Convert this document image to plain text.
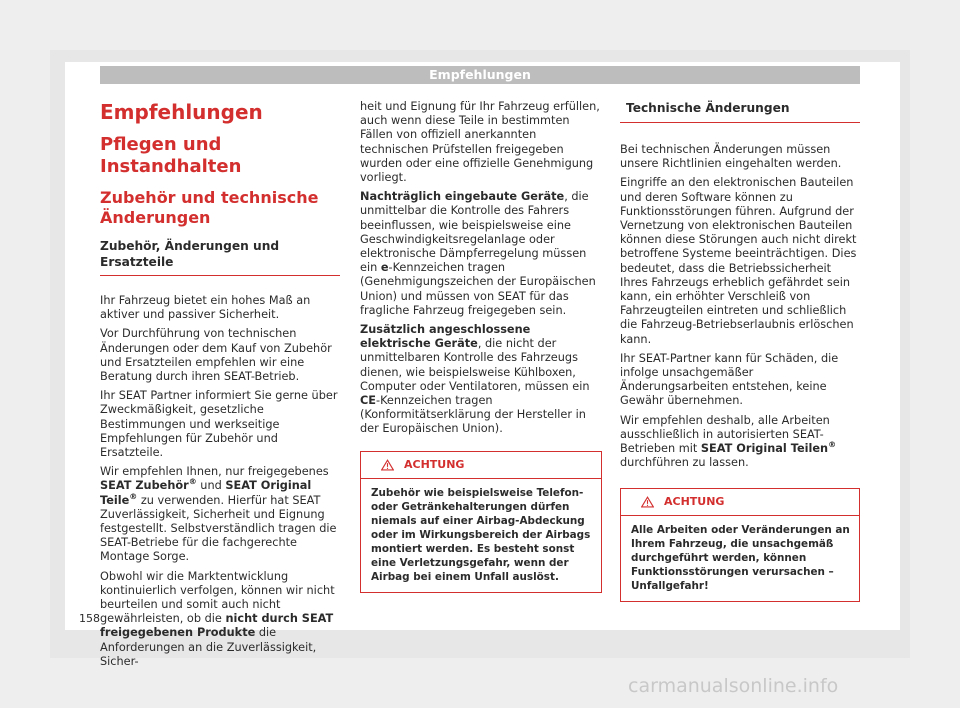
Empfehlungen
Empfehlungen
Pflegen und Instandhalten
Zubehör und technische Änderungen
Zubehör, Änderungen und Ersatzteile

Ihr Fahrzeug bietet ein hohes Maß an aktiver und passiver Sicherheit.

Vor Durchführung von technischen Änderungen oder dem Kauf von Zubehör und Ersatzteilen empfehlen wir eine Beratung durch ihren SEAT-Betrieb.

Ihr SEAT Partner informiert Sie gerne über Zweckmäßigkeit, gesetzliche Bestimmungen und werkseitige Empfehlungen für Zubehör und Ersatzteile.

Wir empfehlen Ihnen, nur freigegebenes
SEAT Zubehör® und SEAT Original Teile® zu verwenden. Hierfür hat SEAT Zuverlässigkeit, Sicherheit und Eignung festgestellt. Selbstverständlich tragen die SEAT-Betriebe für die fachgerechte Montage Sorge.

Obwohl wir die Marktentwicklung kontinuierlich verfolgen, können wir nicht beurteilen und somit auch nicht gewährleisten, ob die nicht durch SEAT freigegebenen Produkte die Anforderungen an die Zuverlässigkeit, Sicher-

heit und Eignung für Ihr Fahrzeug erfüllen, auch wenn diese Teile in bestimmten Fällen von offiziell anerkannten technischen Prüfstellen freigegeben wurden oder eine offizielle Genehmigung vorliegt.

Nachträglich eingebaute Geräte, die unmittelbar die Kontrolle des Fahrers beeinflussen, wie beispielsweise eine Geschwindigkeitsregelanlage oder elektronische Dämpferregelung müssen ein e-Kennzeichen tragen (Genehmigungszeichen der Europäischen Union) und müssen von SEAT für das fragliche Fahrzeug freigegeben sein.

Zusätzlich angeschlossene elektrische Geräte, die nicht der unmittelbaren Kontrolle des Fahrzeugs dienen, wie beispielsweise Kühlboxen, Computer oder Ventilatoren, müssen ein CE-Kennzeichen tragen (Konformitätserklärung der Hersteller in der Europäischen Union).

ACHTUNG
Zubehör wie beispielsweise Telefon- oder Getränkehalterungen dürfen niemals auf einer Airbag-Abdeckung oder im Wirkungsbereich der Airbags montiert werden. Es besteht sonst eine Verletzungsgefahr, wenn der Airbag bei einem Unfall auslöst.
Technische Änderungen

Bei technischen Änderungen müssen unsere Richtlinien eingehalten werden.

Eingriffe an den elektronischen Bauteilen und deren Software können zu Funktionsstörungen führen. Aufgrund der Vernetzung von elektronischen Bauteilen können diese Störungen auch nicht direkt betroffene Systeme beeinträchtigen. Dies bedeutet, dass die Betriebssicherheit Ihres Fahrzeugs erheblich gefährdet sein kann, ein erhöhter Verschleiß von Fahrzeugteilen eintreten und schließlich die Fahrzeug-Betriebserlaubnis erlöschen kann.

Ihr SEAT-Partner kann für Schäden, die infolge unsachgemäßer Änderungsarbeiten entstehen, keine Gewähr übernehmen.

Wir empfehlen deshalb, alle Arbeiten ausschließlich in autorisierten SEAT-Betrieben mit SEAT Original Teilen® durchführen zu lassen.

ACHTUNG
Alle Arbeiten oder Veränderungen an Ihrem Fahrzeug, die unsachgemäß durchgeführt werden, können Funktionsstörungen verursachen – Unfallgefahr!
158
carmanualsonline.info
